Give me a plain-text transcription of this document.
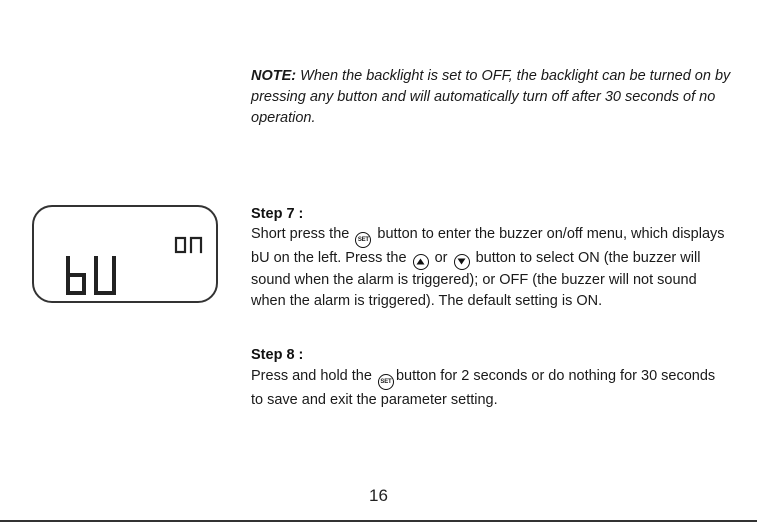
NOTE: When the backlight is set to OFF, the backlight can be turned on by pressing any button and will automatically turn off after 30 seconds of no operation.
Step 7 :
Short press the SET button to enter the buzzer on/off menu, which displays bU on the left. Press the
or
button to select ON (the buzzer will sound when the alarm is triggered); or OFF (the buzzer will not sound when the alarm is triggered). The default setting is ON.
Step 8 :
Press and hold the SET button for 2 seconds or do nothing for 30 seconds to save and exit the parameter setting.
16
